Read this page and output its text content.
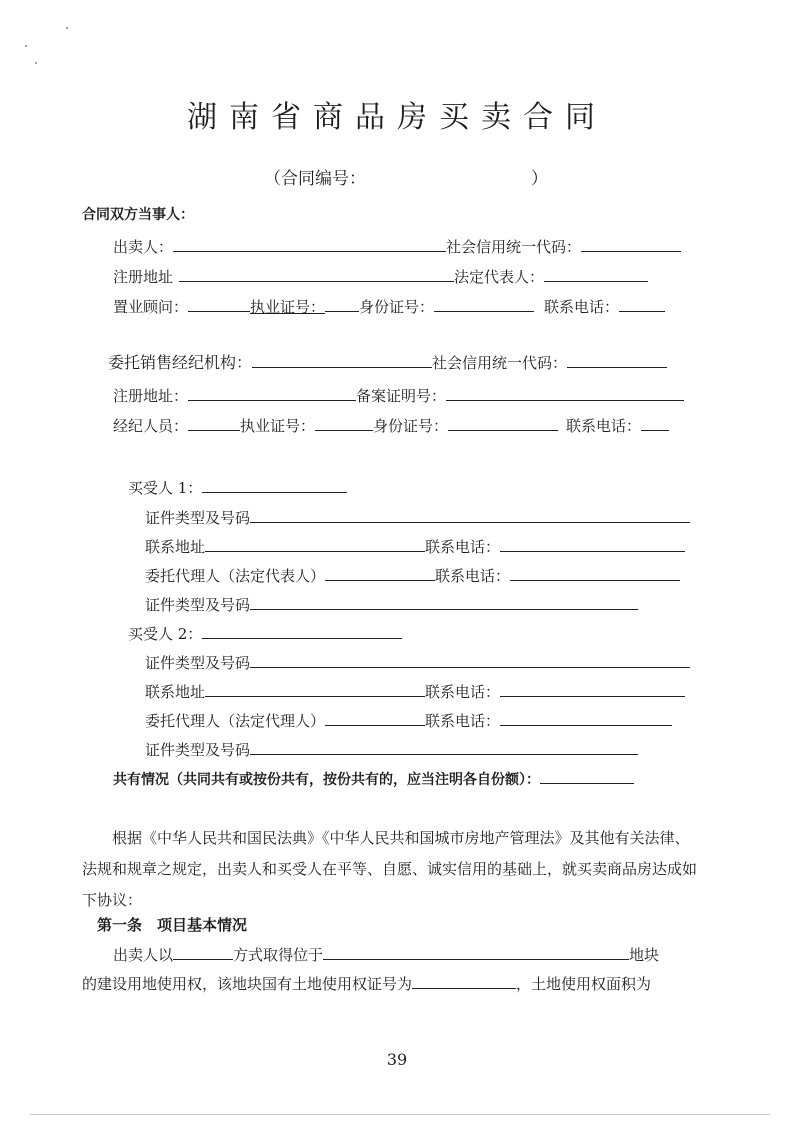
湖南省商品房买卖合同
（合同编号：	）
合同双方当事人：
出卖人：	社会信用统一代码：
注册地址	法定代表人：
置业顾问：	执业证号： 身份证号：	联系电话：
委托销售经纪机构：	社会信用统一代码：
注册地址：	备案证明号：
经纪人员：	执业证号：	身份证号：	联系电话：
买受人 1：
证件类型及号码
联系地址	联系电话：
委托代理人（法定代表人）	联系电话：
证件类型及号码
买受人 2：
证件类型及号码
联系地址	联系电话：
委托代理人（法定代理人）	联系电话：
证件类型及号码
共有情况（共同共有或按份共有，按份共有的，应当注明各自份额）：
根据《中华人民共和国民法典》《中华人民共和国城市房地产管理法》及其他有关法律、法规和规章之规定，出卖人和买受人在平等、自愿、诚实信用的基础上，就买卖商品房达成如下协议：
第一条　项目基本情况
出卖人以	方式取得位于	地块
的建设用地使用权，该地块国有土地使用权证号为	，土地使用权面积为
39
